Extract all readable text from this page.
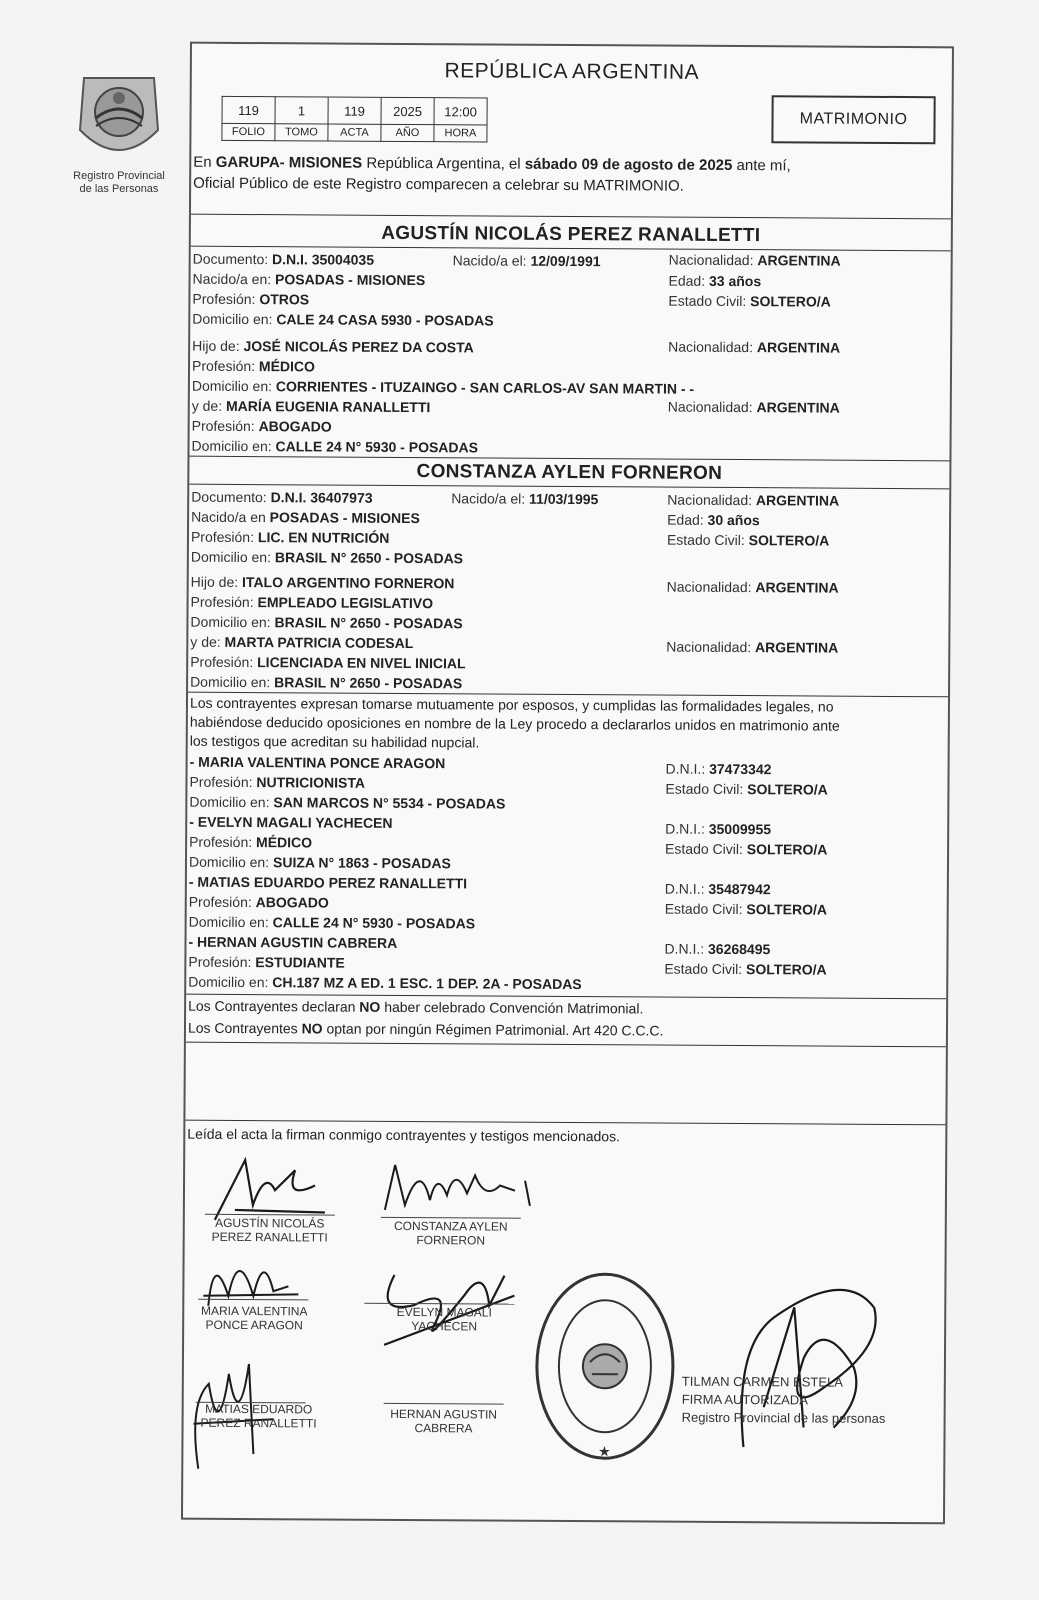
Registro Provincial
de las Personas
REPÚBLICA ARGENTINA
119	1	119	2025	12:00
FOLIO	TOMO	ACTA	AÑO	HORA
MATRIMONIO
En GARUPA- MISIONES República Argentina, el sábado 09 de agosto de 2025 ante mí,
Oficial Público de este Registro comparecen a celebrar su MATRIMONIO.
AGUSTÍN NICOLÁS PEREZ RANALLETTI
Documento: D.N.I. 35004035	Nacido/a el: 12/09/1991	Nacionalidad: ARGENTINA
Nacido/a en: POSADAS - MISIONES	Edad: 33 años
Profesión: OTROS	Estado Civil: SOLTERO/A
Domicilio en: CALE 24 CASA 5930 - POSADAS
Hijo de: JOSÉ NICOLÁS PEREZ DA COSTA	Nacionalidad: ARGENTINA
Profesión: MÉDICO
Domicilio en: CORRIENTES - ITUZAINGO - SAN CARLOS-AV SAN MARTIN - -
y de: MARÍA EUGENIA RANALLETTI	Nacionalidad: ARGENTINA
Profesión: ABOGADO
Domicilio en: CALLE 24 N° 5930 - POSADAS
CONSTANZA AYLEN FORNERON
Documento: D.N.I. 36407973	Nacido/a el: 11/03/1995	Nacionalidad: ARGENTINA
Nacido/a en POSADAS - MISIONES	Edad: 30 años
Profesión: LIC. EN NUTRICIÓN	Estado Civil: SOLTERO/A
Domicilio en: BRASIL N° 2650 - POSADAS
Hijo de: ITALO ARGENTINO FORNERON	Nacionalidad: ARGENTINA
Profesión: EMPLEADO LEGISLATIVO
Domicilio en: BRASIL N° 2650 - POSADAS
y de: MARTA PATRICIA CODESAL	Nacionalidad: ARGENTINA
Profesión: LICENCIADA EN NIVEL INICIAL
Domicilio en: BRASIL N° 2650 - POSADAS
Los contrayentes expresan tomarse mutuamente por esposos, y cumplidas las formalidades legales, no
habiéndose deducido oposiciones en nombre de la Ley procedo a declararlos unidos en matrimonio ante
los testigos que acreditan su habilidad nupcial.
- MARIA VALENTINA PONCE ARAGON
Profesión: NUTRICIONISTA
Domicilio en: SAN MARCOS N° 5534 - POSADAS
D.N.I.: 37473342
Estado Civil: SOLTERO/A
- EVELYN MAGALI YACHECEN
Profesión: MÉDICO
Domicilio en: SUIZA N° 1863 - POSADAS
D.N.I.: 35009955
Estado Civil: SOLTERO/A
- MATIAS EDUARDO PEREZ RANALLETTI
Profesión: ABOGADO
Domicilio en: CALLE 24 N° 5930 - POSADAS
D.N.I.: 35487942
Estado Civil: SOLTERO/A
- HERNAN AGUSTIN CABRERA
Profesión: ESTUDIANTE
Domicilio en: CH.187 MZ A ED. 1 ESC. 1 DEP. 2A - POSADAS
D.N.I.: 36268495
Estado Civil: SOLTERO/A
Los Contrayentes declaran NO haber celebrado Convención Matrimonial.
Los Contrayentes NO optan por ningún Régimen Patrimonial. Art 420 C.C.C.
Leída el acta la firman conmigo contrayentes y testigos mencionados.
AGUSTÍN NICOLÁS
PEREZ RANALLETTI
CONSTANZA AYLEN
FORNERON
MARIA VALENTINA
PONCE ARAGON
EVELYN MAGALI
YACHECEN
MATIAS EDUARDO
PEREZ RANALLETTI
HERNAN AGUSTIN
CABRERA
★
TILMAN CARMEN ESTELA
FIRMA AUTORIZADA
Registro Provincial de las personas
